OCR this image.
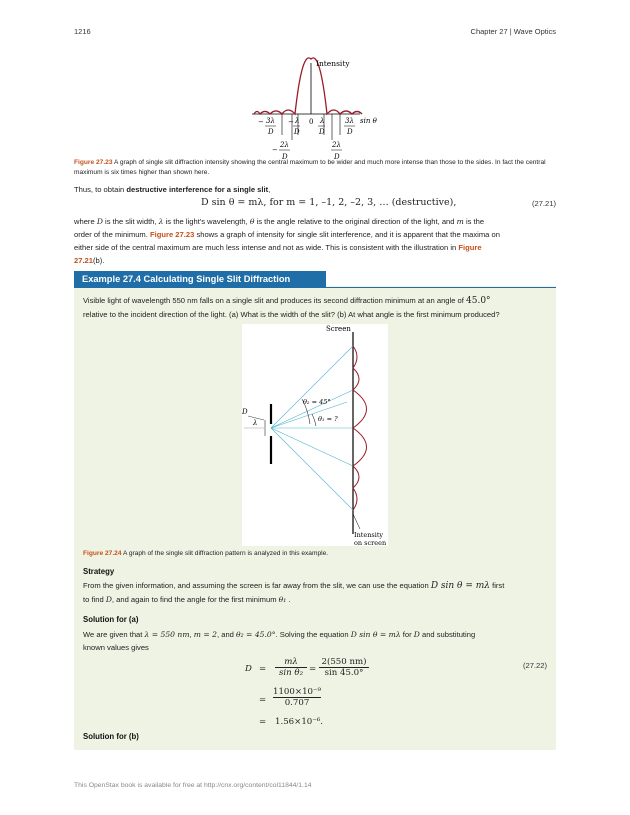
1216	Chapter 27 | Wave Optics
Intensity
sin θ
0
− 3λ
D
− λ
D
λ
D
3λ
D
−
2λ
D
2λ
D
Figure 27.23 A graph of single slit diffraction intensity showing the central maximum to be wider and much more intense than those to the sides. In fact the central maximum is six times higher than shown here.
Thus, to obtain destructive interference for a single slit,
D sin θ = mλ, for m = 1, –1, 2, –2, 3, … (destructive),	(27.21)
where D is the slit width, λ is the light's wavelength, θ is the angle relative to the original direction of the light, and m is the
order of the minimum. Figure 27.23 shows a graph of intensity for single slit interference, and it is apparent that the maxima on
either side of the central maximum are much less intense and not as wide. This is consistent with the illustration in Figure
27.21(b).
Example 27.4 Calculating Single Slit Diffraction
Visible light of wavelength 550 nm falls on a single slit and produces its second diffraction minimum at an angle of 45.0°
relative to the incident direction of the light. (a) What is the width of the slit? (b) At what angle is the first minimum produced?
Screen
D
λ
θ₂ = 45°
θ₁ = ?
Intensity
on screen
Figure 27.24 A graph of the single slit diffraction pattern is analyzed in this example.
Strategy
From the given information, and assuming the screen is far away from the slit, we can use the equation D sin θ = mλ first
to find D, and again to find the angle for the first minimum θ₁ .
Solution for (a)
We are given that λ = 550 nm, m = 2, and θ₂ = 45.0°. Solving the equation D sin θ = mλ for D and substituting
known values gives
D =
mλ
sin θ₂ =
2(550 nm)
sin 45.0°
=
1100×10⁻⁹
0.707
= 1.56×10⁻⁶.
(27.22)
Solution for (b)
This OpenStax book is available for free at http://cnx.org/content/col11844/1.14
